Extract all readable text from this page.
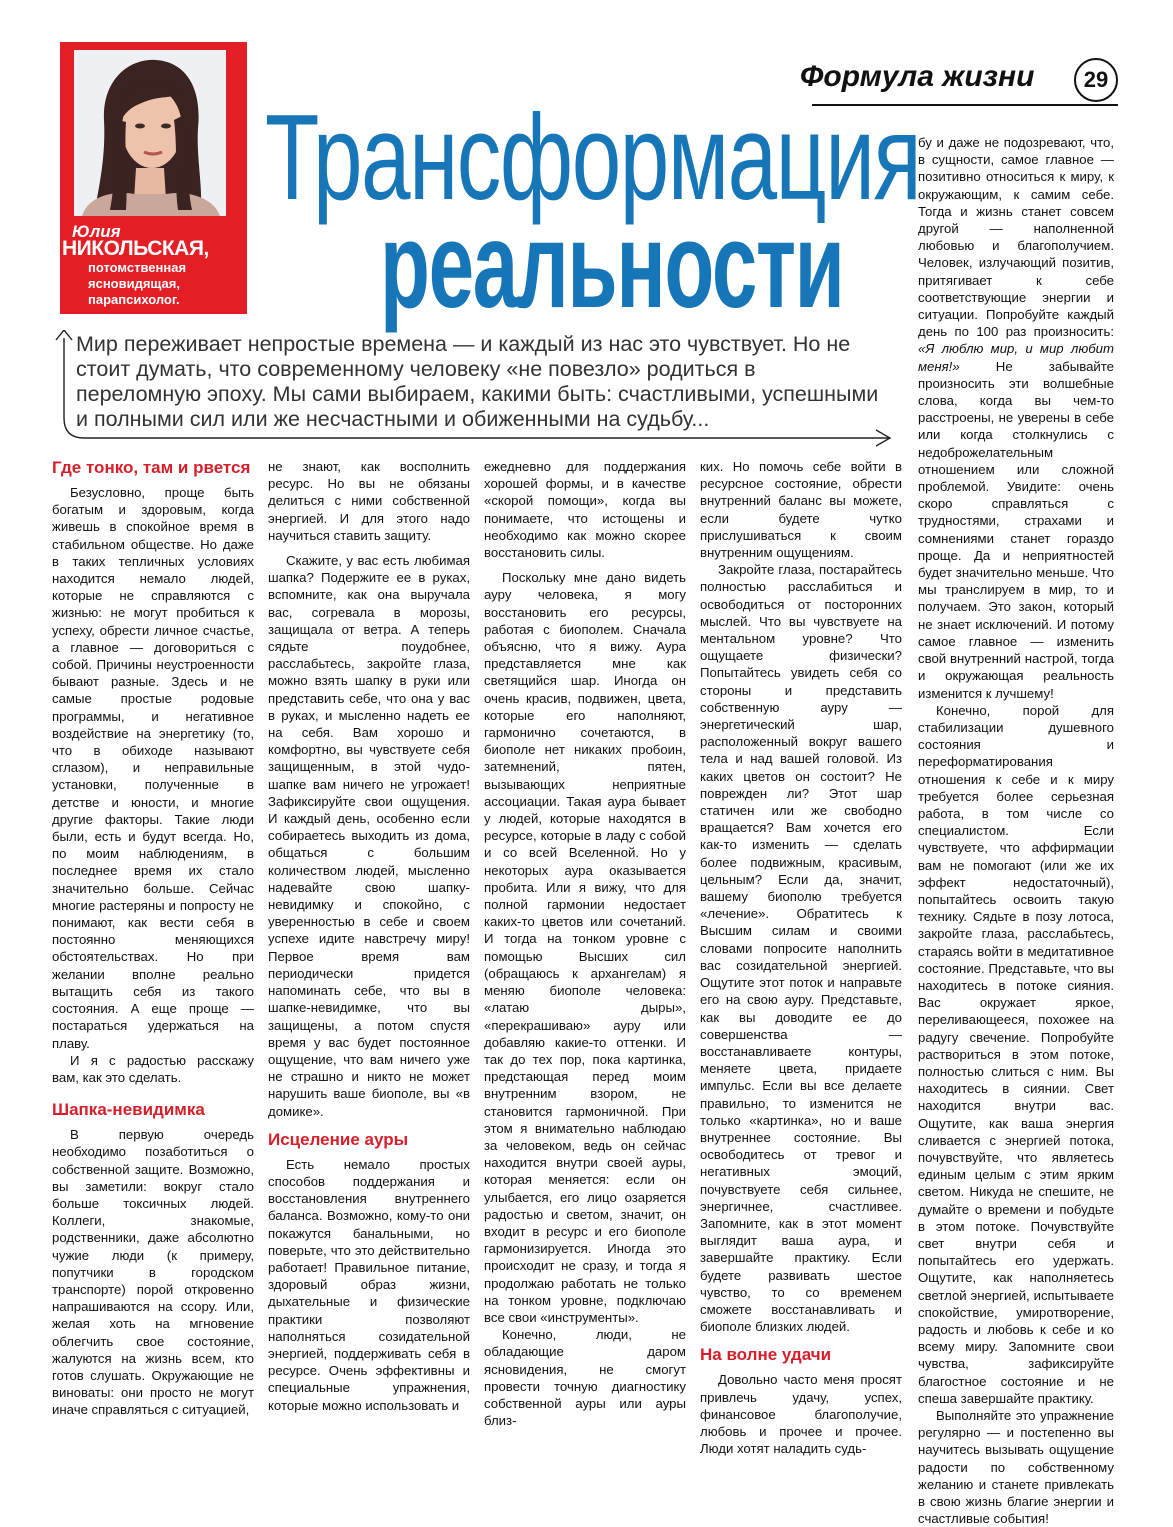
Формула жизни	29
Юлия
НИКОЛЬСКАЯ,
потомственная ясновидящая, парапсихолог.
Трансформация
реальности
Мир переживает непростые времена — и каждый из нас это чувствует. Но не стоит думать, что современному человеку «не повезло» родиться в переломную эпоху. Мы сами выбираем, какими быть: счастливыми, успешными и полными сил или же несчастными и обиженными на судьбу...
Где тонко, там и рвется

Безусловно, проще быть богатым и здоровым, когда живешь в спокойное время в стабильном обществе. Но даже в таких тепличных условиях находится немало людей, которые не справляются с жизнью: не могут пробиться к успеху, обрести личное счастье, а главное — договориться с собой. Причины неустроенности бывают разные. Здесь и не самые простые родовые программы, и негативное воздействие на энергетику (то, что в обиходе называют сглазом), и неправильные установки, полученные в детстве и юности, и многие другие факторы. Такие люди были, есть и будут всегда. Но, по моим наблюдениям, в последнее время их стало значительно больше. Сейчас многие растеряны и попросту не понимают, как вести себя в постоянно меняющихся обстоятельствах. Но при желании вполне реально вытащить себя из такого состояния. А еще проще — постараться удержаться на плаву.

И я с радостью расскажу вам, как это сделать.

Шапка-невидимка

В первую очередь необходимо позаботиться о собственной защите. Возможно, вы заметили: вокруг стало больше токсичных людей. Коллеги, знакомые, родственники, даже абсолютно чужие люди (к примеру, попутчики в городском транспорте) порой откровенно напрашиваются на ссору. Или, желая хоть на мгновение облегчить свое состояние, жалуются на жизнь всем, кто готов слушать. Окружающие не виноваты: они просто не могут иначе справляться с ситуацией,

не знают, как восполнить ресурс. Но вы не обязаны делиться с ними собственной энергией. И для этого надо научиться ставить защиту.

Скажите, у вас есть любимая шапка? Подержите ее в руках, вспомните, как она выручала вас, согревала в морозы, защищала от ветра. А теперь сядьте поудобнее, расслабьтесь, закройте глаза, можно взять шапку в руки или представить себе, что она у вас в руках, и мысленно надеть ее на себя. Вам хорошо и комфортно, вы чувствуете себя защищенным, в этой чудо-шапке вам ничего не угрожает! Зафиксируйте свои ощущения. И каждый день, особенно если собираетесь выходить из дома, общаться с большим количеством людей, мысленно надевайте свою шапку-невидимку и спокойно, с уверенностью в себе и своем успехе идите навстречу миру! Первое время вам периодически придется напоминать себе, что вы в шапке-невидимке, что вы защищены, а потом спустя время у вас будет постоянное ощущение, что вам ничего уже не страшно и никто не может нарушить ваше биополе, вы «в домике».

Исцеление ауры

Есть немало простых способов поддержания и восстановления внутреннего баланса. Возможно, кому-то они покажутся банальными, но поверьте, что это действительно работает! Правильное питание, здоровый образ жизни, дыхательные и физические практики позволяют наполняться созидательной энергией, поддерживать себя в ресурсе. Очень эффективны и специальные упражнения, которые можно использовать и

ежедневно для поддержания хорошей формы, и в качестве «скорой помощи», когда вы понимаете, что истощены и необходимо как можно скорее восстановить силы.

Поскольку мне дано видеть ауру человека, я могу восстановить его ресурсы, работая с биополем. Сначала объясню, что я вижу. Аура представляется мне как светящийся шар. Иногда он очень красив, подвижен, цвета, которые его наполняют, гармонично сочетаются, в биополе нет никаких пробоин, затемнений, пятен, вызывающих неприятные ассоциации. Такая аура бывает у людей, которые находятся в ресурсе, которые в ладу с собой и со всей Вселенной. Но у некоторых аура оказывается пробита. Или я вижу, что для полной гармонии недостает каких-то цветов или сочетаний. И тогда на тонком уровне с помощью Высших сил (обращаюсь к архангелам) я меняю биополе человека: «латаю дыры», «перекрашиваю» ауру или добавляю какие-то оттенки. И так до тех пор, пока картинка, предстающая перед моим внутренним взором, не становится гармоничной. При этом я внимательно наблюдаю за человеком, ведь он сейчас находится внутри своей ауры, которая меняется: если он улыбается, его лицо озаряется радостью и светом, значит, он входит в ресурс и его биополе гармонизируется. Иногда это происходит не сразу, и тогда я продолжаю работать не только на тонком уровне, подключаю все свои «инструменты».

Конечно, люди, не обладающие даром ясновидения, не смогут провести точную диагностику собственной ауры или ауры близ-

ких. Но помочь себе войти в ресурсное состояние, обрести внутренний баланс вы можете, если будете чутко прислушиваться к своим внутренним ощущениям.

Закройте глаза, постарайтесь полностью расслабиться и освободиться от посторонних мыслей. Что вы чувствуете на ментальном уровне? Что ощущаете физически? Попытайтесь увидеть себя со стороны и представить собственную ауру — энергетический шар, расположенный вокруг вашего тела и над вашей головой. Из каких цветов он состоит? Не поврежден ли? Этот шар статичен или же свободно вращается? Вам хочется его как-то изменить — сделать более подвижным, красивым, цельным? Если да, значит, вашему биополю требуется «лечение». Обратитесь к Высшим силам и своими словами попросите наполнить вас созидательной энергией. Ощутите этот поток и направьте его на свою ауру. Представьте, как вы доводите ее до совершенства — восстанавливаете контуры, меняете цвета, придаете импульс. Если вы все делаете правильно, то изменится не только «картинка», но и ваше внутреннее состояние. Вы освободитесь от тревог и негативных эмоций, почувствуете себя сильнее, энергичнее, счастливее. Запомните, как в этот момент выглядит ваша аура, и завершайте практику. Если будете развивать шестое чувство, то со временем сможете восстанавливать и биополе близких людей.

На волне удачи

Довольно часто меня просят привлечь удачу, успех, финансовое благополучие, любовь и прочее и прочее. Люди хотят наладить судь-

бу и даже не подозревают, что, в сущности, самое главное — позитивно относиться к миру, к окружающим, к самим себе. Тогда и жизнь станет совсем другой — наполненной любовью и благополучием. Человек, излучающий позитив, притягивает к себе соответствующие энергии и ситуации. Попробуйте каждый день по 100 раз произносить: «Я люблю мир, и мир любит меня!» Не забывайте произносить эти волшебные слова, когда вы чем-то расстроены, не уверены в себе или когда столкнулись с недоброжелательным отношением или сложной проблемой. Увидите: очень скоро справляться с трудностями, страхами и сомнениями станет гораздо проще. Да и неприятностей будет значительно меньше. Что мы транслируем в мир, то и получаем. Это закон, который не знает исключений. И потому самое главное — изменить свой внутренний настрой, тогда и окружающая реальность изменится к лучшему!

Конечно, порой для стабилизации душевного состояния и переформатирования отношения к себе и к миру требуется более серьезная работа, в том числе со специалистом. Если чувствуете, что аффирмации вам не помогают (или же их эффект недостаточный), попытайтесь освоить такую технику. Сядьте в позу лотоса, закройте глаза, расслабьтесь, стараясь войти в медитативное состояние. Представьте, что вы находитесь в потоке сияния. Вас окружает яркое, переливающееся, похожее на радугу свечение. Попробуйте раствориться в этом потоке, полностью слиться с ним. Вы находитесь в сиянии. Свет находится внутри вас. Ощутите, как ваша энергия сливается с энергией потока, почувствуйте, что являетесь единым целым с этим ярким светом. Никуда не спешите, не думайте о времени и побудьте в этом потоке. Почувствуйте свет внутри себя и попытайтесь его удержать. Ощутите, как наполняетесь светлой энергией, испытываете спокойствие, умиротворение, радость и любовь к себе и ко всему миру. Запомните свои чувства, зафиксируйте благостное состояние и не спеша завершайте практику.

Выполняйте это упражнение регулярно — и постепенно вы научитесь вызывать ощущение радости по собственному желанию и станете привлекать в свою жизнь благие энергии и счастливые события!
